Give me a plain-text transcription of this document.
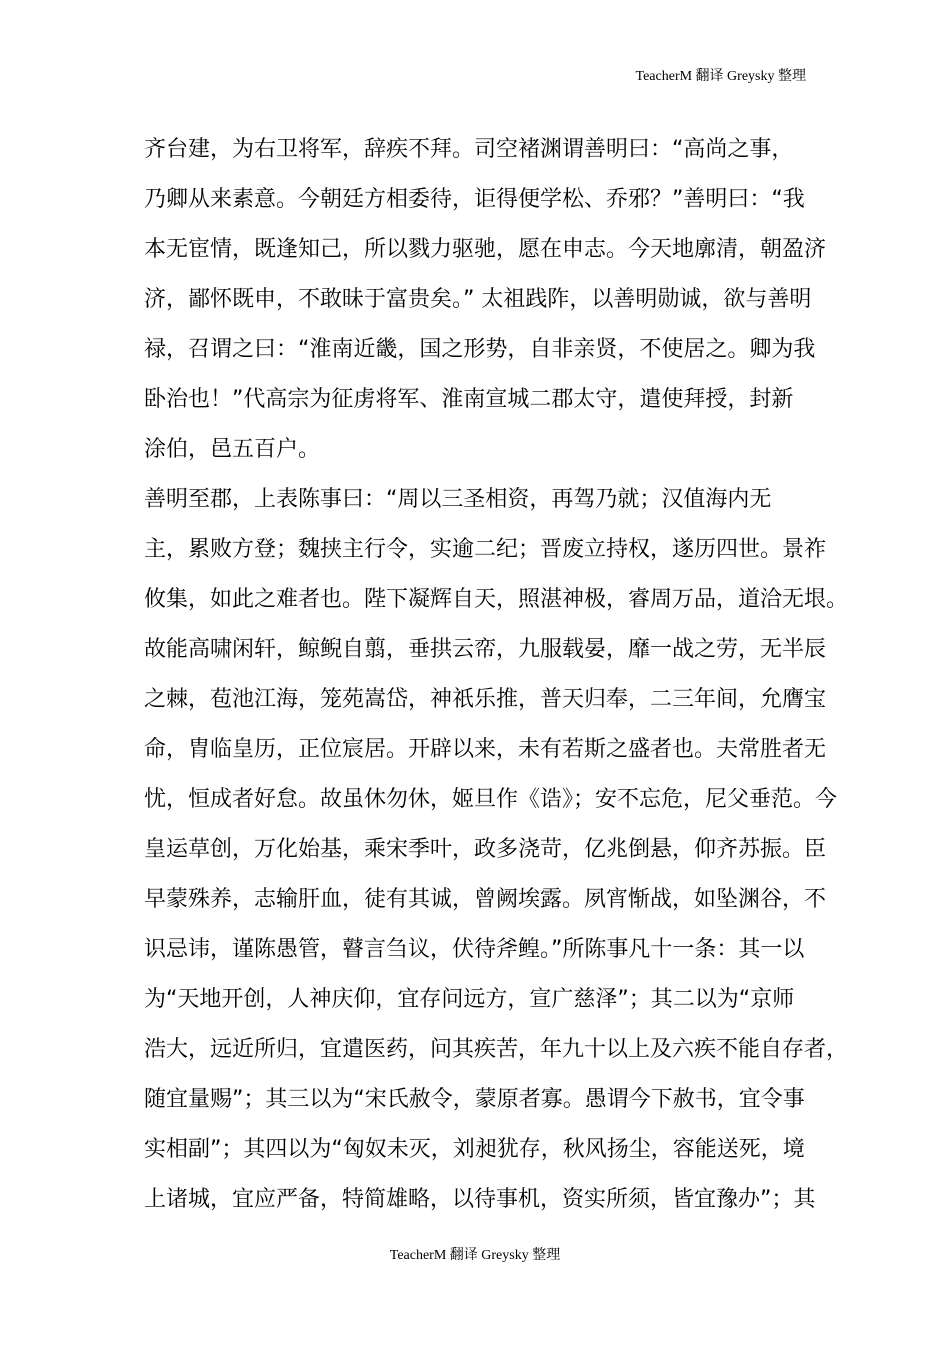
TeacherM 翻译 Greysky 整理
齐台建，为右卫将军，辞疾不拜。司空褚渊谓善明曰：“高尚之事，
乃卿从来素意。今朝廷方相委待，讵得便学松、乔邪？”善明曰：“我
本无宦情，既逢知己，所以戮力驱驰，愿在申志。今天地廓清，朝盈济
济，鄙怀既申，不敢昧于富贵矣。” 太祖践阼，以善明勋诚，欲与善明
禄，召谓之曰：“淮南近畿，国之形势，自非亲贤，不使居之。卿为我
卧治也！”代高宗为征虏将军、淮南宣城二郡太守，遣使拜授，封新
涂伯，邑五百户。
善明至郡，上表陈事曰：“周以三圣相资，再驾乃就；汉值海内无
主，累败方登；魏挟主行令，实逾二纪；晋废立持权，遂历四世。景祚
攸集，如此之难者也。陛下凝辉自天，照湛神极，睿周万品，道洽无垠。
故能高啸闲轩，鲸鲵自翦，垂拱云帟，九服载晏，靡一战之劳，无半辰
之棘，苞池江海，笼苑嵩岱，神祇乐推，普天归奉，二三年间，允膺宝
命，胄临皇历，正位宸居。开辟以来，未有若斯之盛者也。夫常胜者无
忧，恒成者好怠。故虽休勿休，姬旦作《诰》；安不忘危，尼父垂范。今
皇运草创，万化始基，乘宋季叶，政多浇苛，亿兆倒悬，仰齐苏振。臣
早蒙殊养，志输肝血，徒有其诚，曾阙埃露。夙宵惭战，如坠渊谷，不
识忌讳，谨陈愚管，瞽言刍议，伏待斧鳇。”所陈事凡十一条：其一以
为“天地开创，人神庆仰，宜存问远方，宣广慈泽”；其二以为“京师
浩大，远近所归，宜遣医药，问其疾苦，年九十以上及六疾不能自存者，
随宜量赐”；其三以为“宋氏赦令，蒙原者寡。愚谓今下赦书，宜令事
实相副”；其四以为“匈奴未灭，刘昶犹存，秋风扬尘，容能送死，境
上诸城，宜应严备，特简雄略，以待事机，资实所须，皆宜豫办”；其
TeacherM 翻译 Greysky 整理
